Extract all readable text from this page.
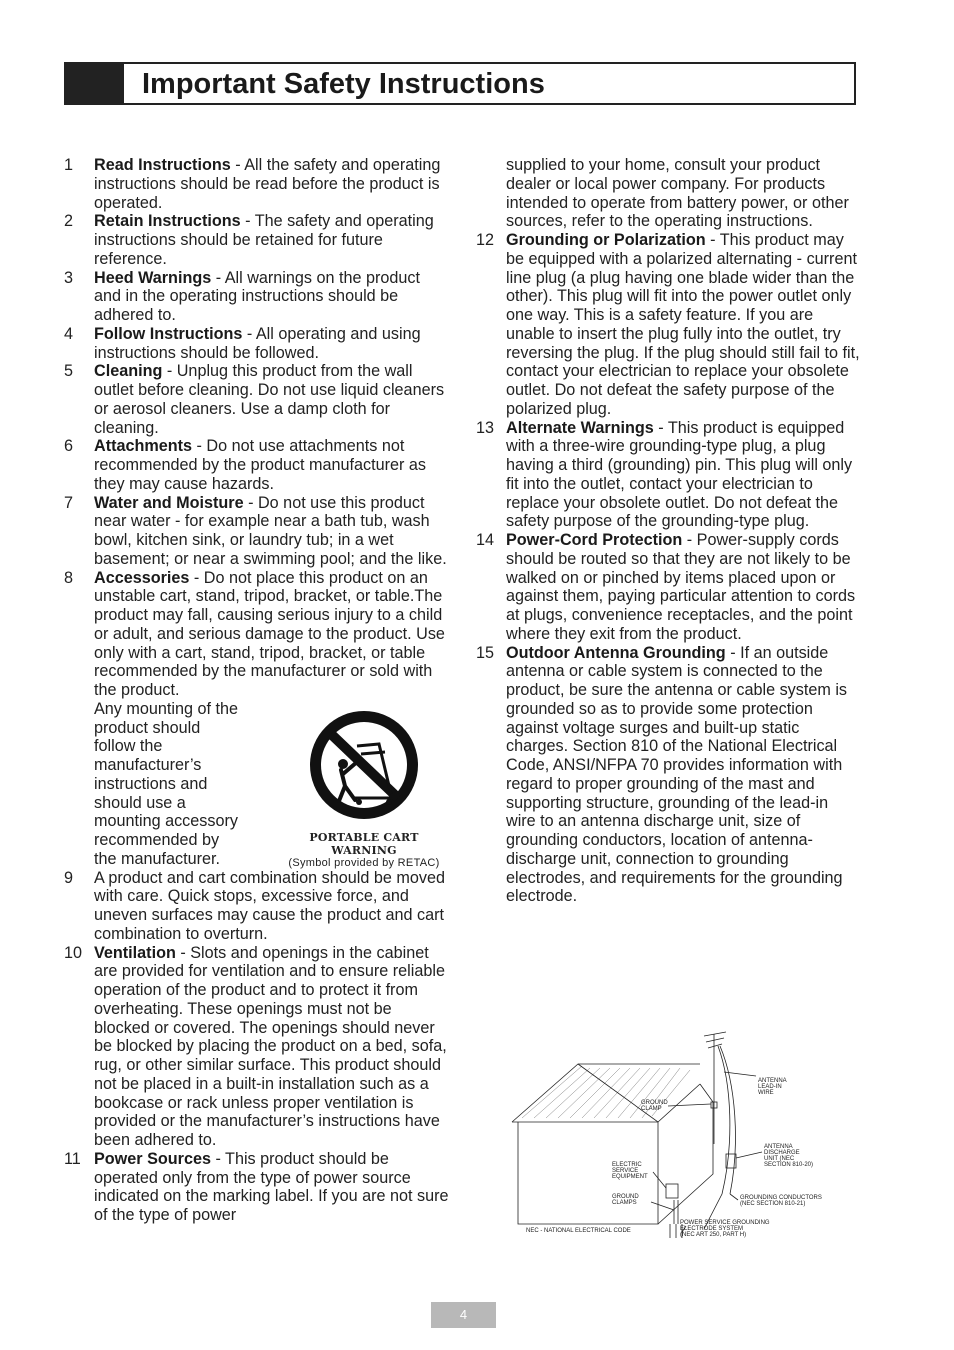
Important Safety Instructions
1 Read Instructions - All the safety and operating instructions should be read before the product is operated.
2 Retain Instructions - The safety and operating instructions should be retained for future reference.
3 Heed Warnings - All warnings on the product and in the operating instructions should be adhered to.
4 Follow Instructions - All operating and using instructions should be followed.
5 Cleaning - Unplug this product from the wall outlet before cleaning. Do not use liquid cleaners or aerosol cleaners. Use a damp cloth for cleaning.
6 Attachments - Do not use attachments not recommended by the product manufacturer as they may cause hazards.
7 Water and Moisture - Do not use this product near water - for example near a bath tub, wash bowl, kitchen sink, or laundry tub; in a wet basement; or near a swimming pool; and the like.
8 Accessories - Do not place this product on an unstable cart, stand, tripod, bracket, or table.The product may fall, causing serious injury to a child or adult, and serious damage to the product. Use only with a cart, stand, tripod, bracket, or table recommended by the manufacturer or sold with the product.
Any mounting of the product should follow the manufacturer’s instructions and should use a mounting accessory recommended by the manufacturer.
PORTABLE CART WARNING
(Symbol provided by RETAC)
9 A product and cart combination should be moved with care. Quick stops, excessive force, and uneven surfaces may cause the product and cart combination to overturn.
10 Ventilation - Slots and openings in the cabinet are provided for ventilation and to ensure reliable operation of the product and to protect it from overheating. These openings must not be blocked or covered. The openings should never be blocked by placing the product on a bed, sofa, rug, or other similar surface. This product should not be placed in a built-in installation such as a bookcase or rack unless proper ventilation is provided or the manufacturer’s instructions have been adhered to.
11 Power Sources - This product should be operated only from the type of power source indicated on the marking label. If you are not sure of the type of power
supplied to your home, consult your product dealer or local power company. For products intended to operate from battery power, or other sources, refer to the operating instructions.
12 Grounding or Polarization - This product may be equipped with a polarized alternating - current line plug (a plug having one blade wider than the other). This plug will fit into the power outlet only one way. This is a safety feature. If you are unable to insert the plug fully into the outlet, try reversing the plug. If the plug should still fail to fit, contact your electrician to replace your obsolete outlet. Do not defeat the safety purpose of the polarized plug.
13 Alternate Warnings - This product is equipped with a three-wire grounding-type plug, a plug having a third (grounding) pin. This plug will only fit into the outlet, contact your electrician to replace your obsolete outlet. Do not defeat the safety purpose of the grounding-type plug.
14 Power-Cord Protection - Power-supply cords should be routed so that they are not likely to be walked on or pinched by items placed upon or against them, paying particular attention to cords at plugs, convenience receptacles, and the point where they exit from the product.
15 Outdoor Antenna Grounding - If an outside antenna or cable system is connected to the product, be sure the antenna or cable system is grounded so as to provide some protection against voltage surges and built-up static charges. Section 810 of the National Electrical Code, ANSI/NFPA 70 provides information with regard to proper grounding of the mast and supporting structure, grounding of the lead-in wire to an antenna discharge unit, size of grounding conductors, location of antenna-discharge unit, connection to grounding electrodes, and requirements for the grounding electrode.
ANTENNA
LEAD-IN
WIRE
GROUND
CLAMP
ANTENNA
DISCHARGE
UNIT (NEC
SECTION 810-20)
ELECTRIC
SERVICE
EQUIPMENT
GROUND
CLAMPS
GROUNDING CONDUCTORS
(NEC SECTION 810-21)
POWER SERVICE GROUNDING
ELECTRODE SYSTEM
(NEC ART 250, PART H)
NEC - NATIONAL ELECTRICAL CODE
4
